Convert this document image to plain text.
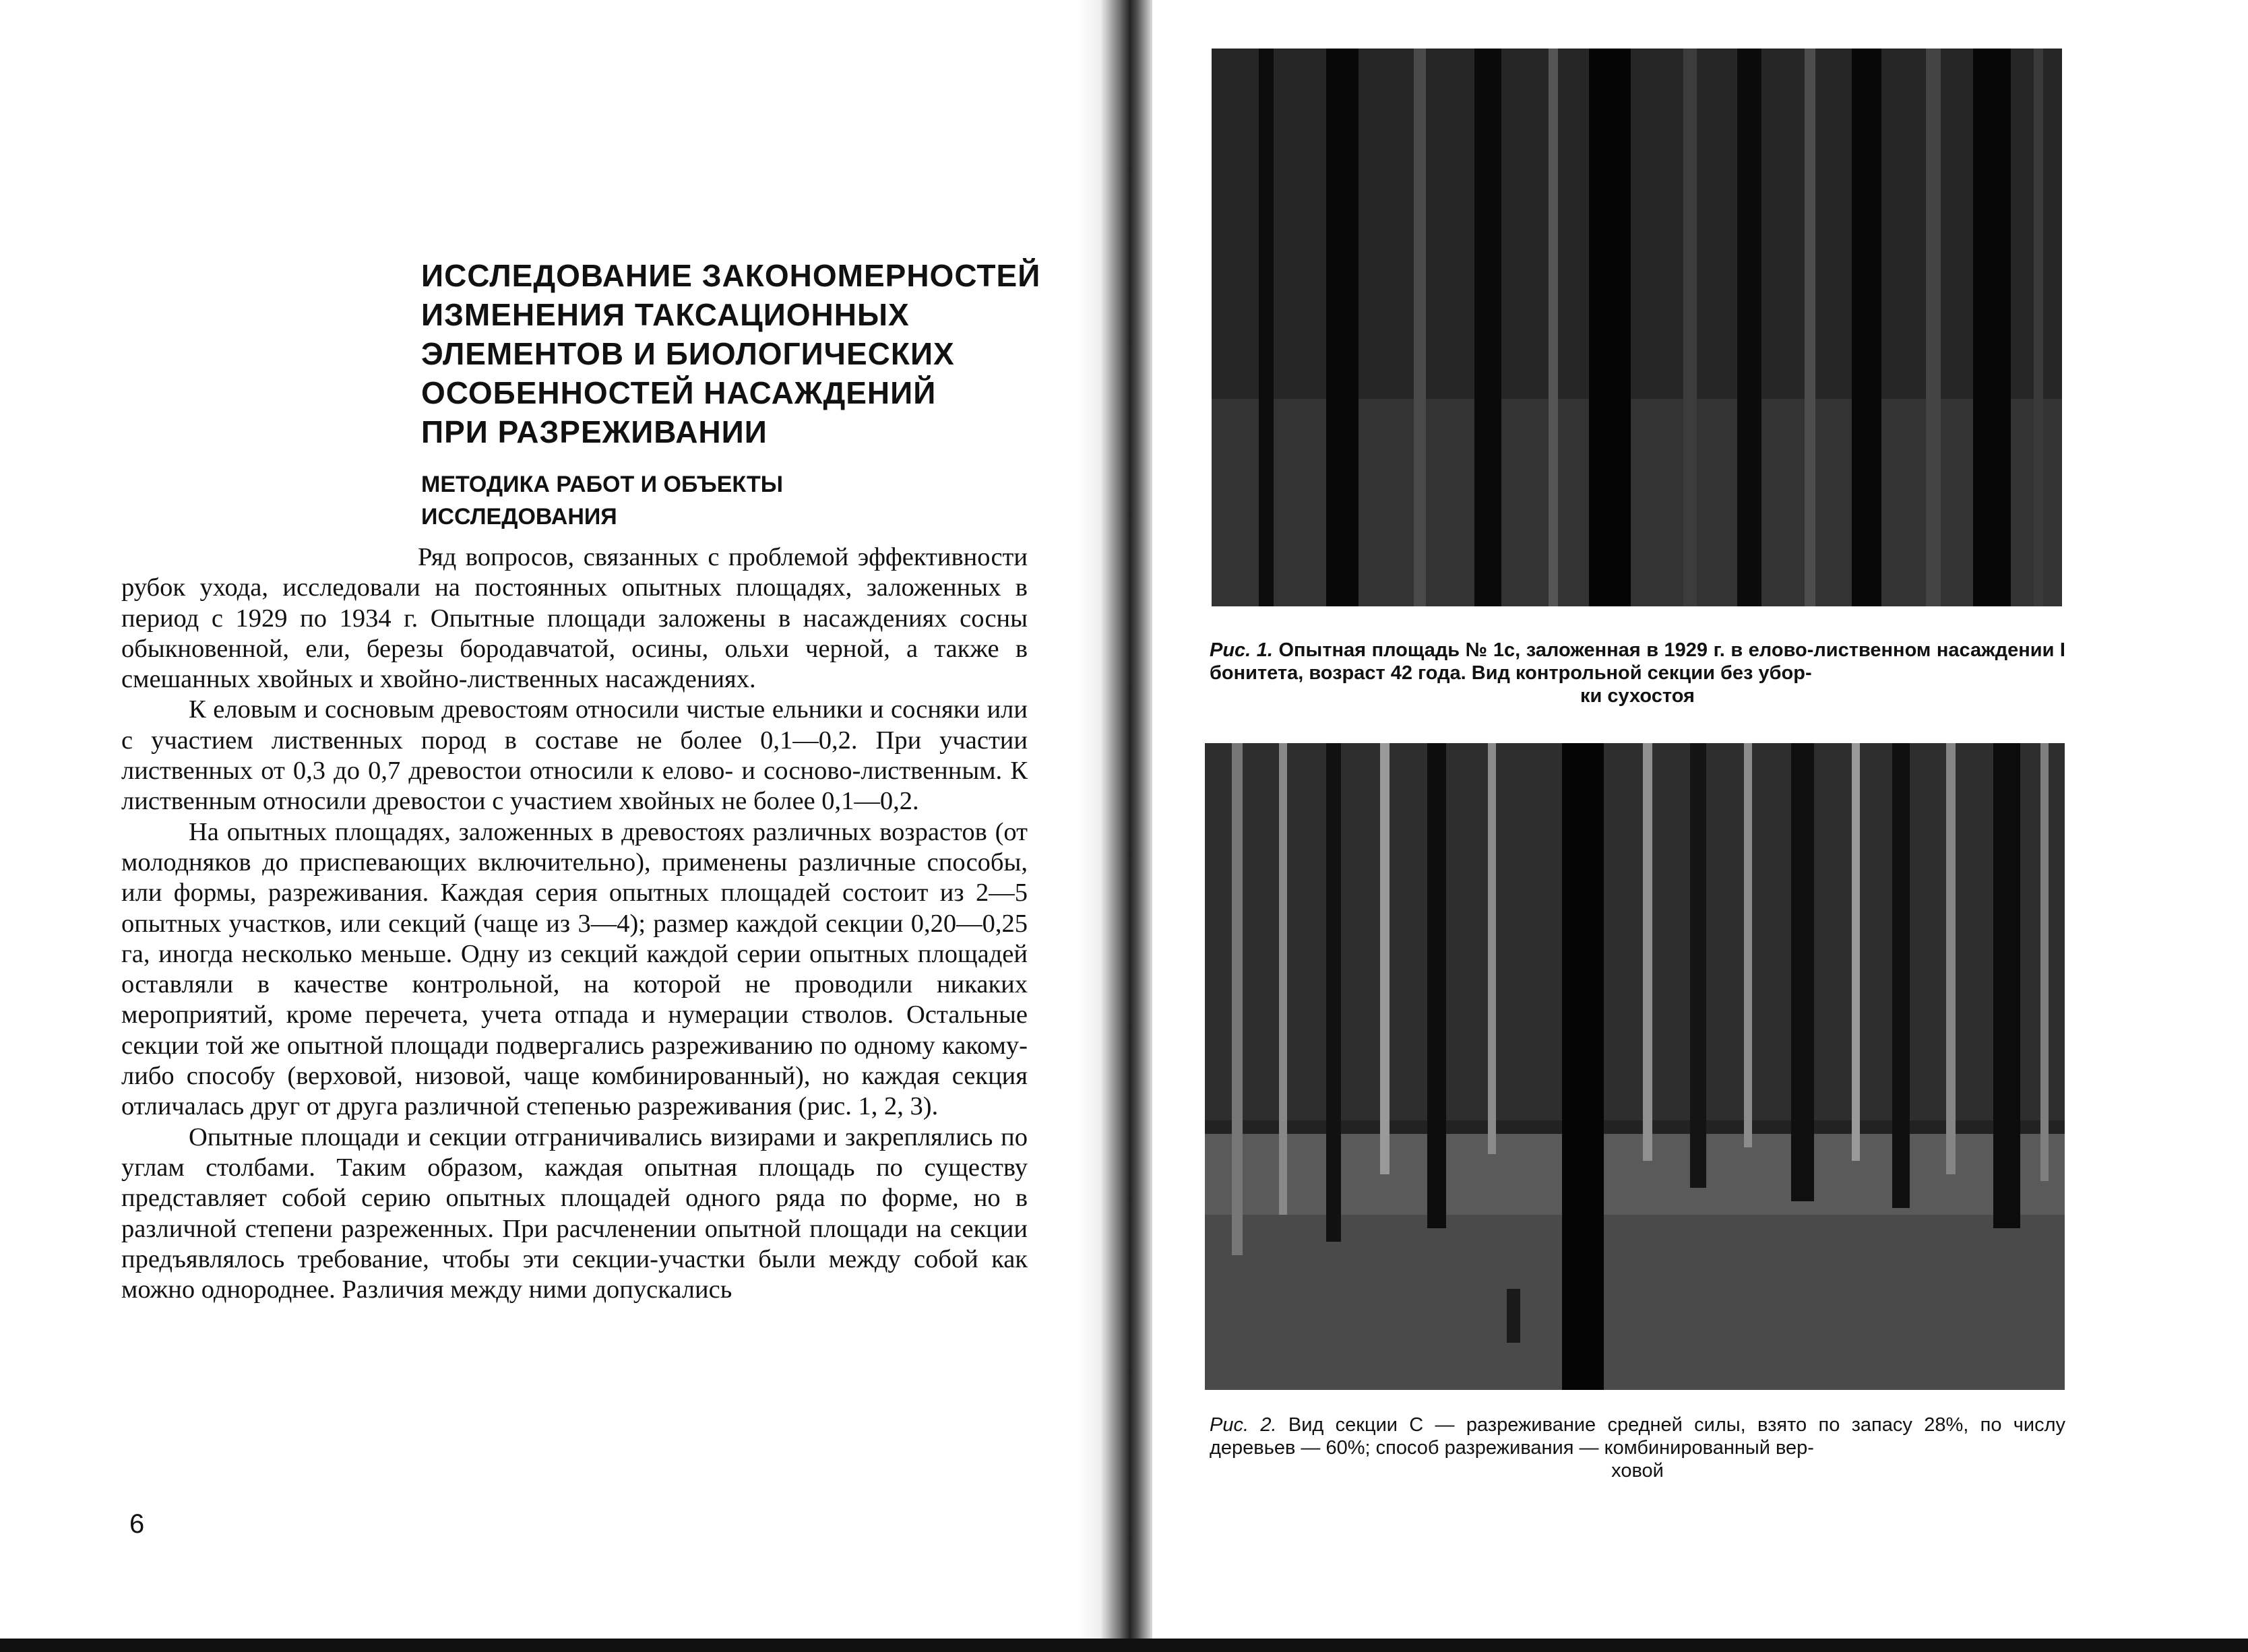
ИССЛЕДОВАНИЕ ЗАКОНОМЕРНОСТЕЙ
ИЗМЕНЕНИЯ ТАКСАЦИОННЫХ
ЭЛЕМЕНТОВ И БИОЛОГИЧЕСКИХ
ОСОБЕННОСТЕЙ НАСАЖДЕНИЙ
ПРИ РАЗРЕЖИВАНИИ
МЕТОДИКА РАБОТ И ОБЪЕКТЫ
ИССЛЕДОВАНИЯ

Ряд вопросов, связанных с проблемой эффективности рубок ухода, исследовали на постоянных опытных площадях, заложенных в период с 1929 по 1934 г. Опытные площади заложены в насаждениях сосны обыкновенной, ели, березы бородавчатой, осины, ольхи черной, а также в смешанных хвойных и хвойно-лиственных насаждениях.

К еловым и сосновым древостоям относили чистые ельники и сосняки или с участием лиственных пород в составе не более 0,1—0,2. При участии лиственных от 0,3 до 0,7 древостои относили к елово- и сосново-лиственным. К лиственным относили древостои с участием хвойных не более 0,1—0,2.

На опытных площадях, заложенных в древостоях различных возрастов (от молодняков до приспевающих включительно), применены различные способы, или формы, разреживания. Каждая серия опытных площадей состоит из 2—5 опытных участков, или секций (чаще из 3—4); размер каждой секции 0,20—0,25 га, иногда несколько меньше. Одну из секций каждой серии опытных площадей оставляли в качестве контрольной, на которой не проводили никаких мероприятий, кроме перечета, учета отпада и нумерации стволов. Остальные секции той же опытной площади подвергались разреживанию по одному какому-либо способу (верховой, низовой, чаще комбинированный), но каждая секция отличалась друг от друга различной степенью разреживания (рис. 1, 2, 3).

Опытные площади и секции отграничивались визирами и закреплялись по углам столбами. Таким образом, каждая опытная площадь по существу представляет собой серию опытных площадей одного ряда по форме, но в различной степени разреженных. При расчленении опытной площади на секции предъявлялось требование, чтобы эти секции-участки были между собой как можно однороднее. Различия между ними допускались

6
Рис. 1. Опытная площадь № 1с, заложенная в 1929 г. в елово-лиственном насаждении I бонитета, возраст 42 года. Вид контрольной секции без убор-
ки сухостоя
Рис. 2. Вид секции С — разреживание средней силы, взято по запасу 28%, по числу деревьев — 60%; способ разреживания — комбинированный вер-
ховой
